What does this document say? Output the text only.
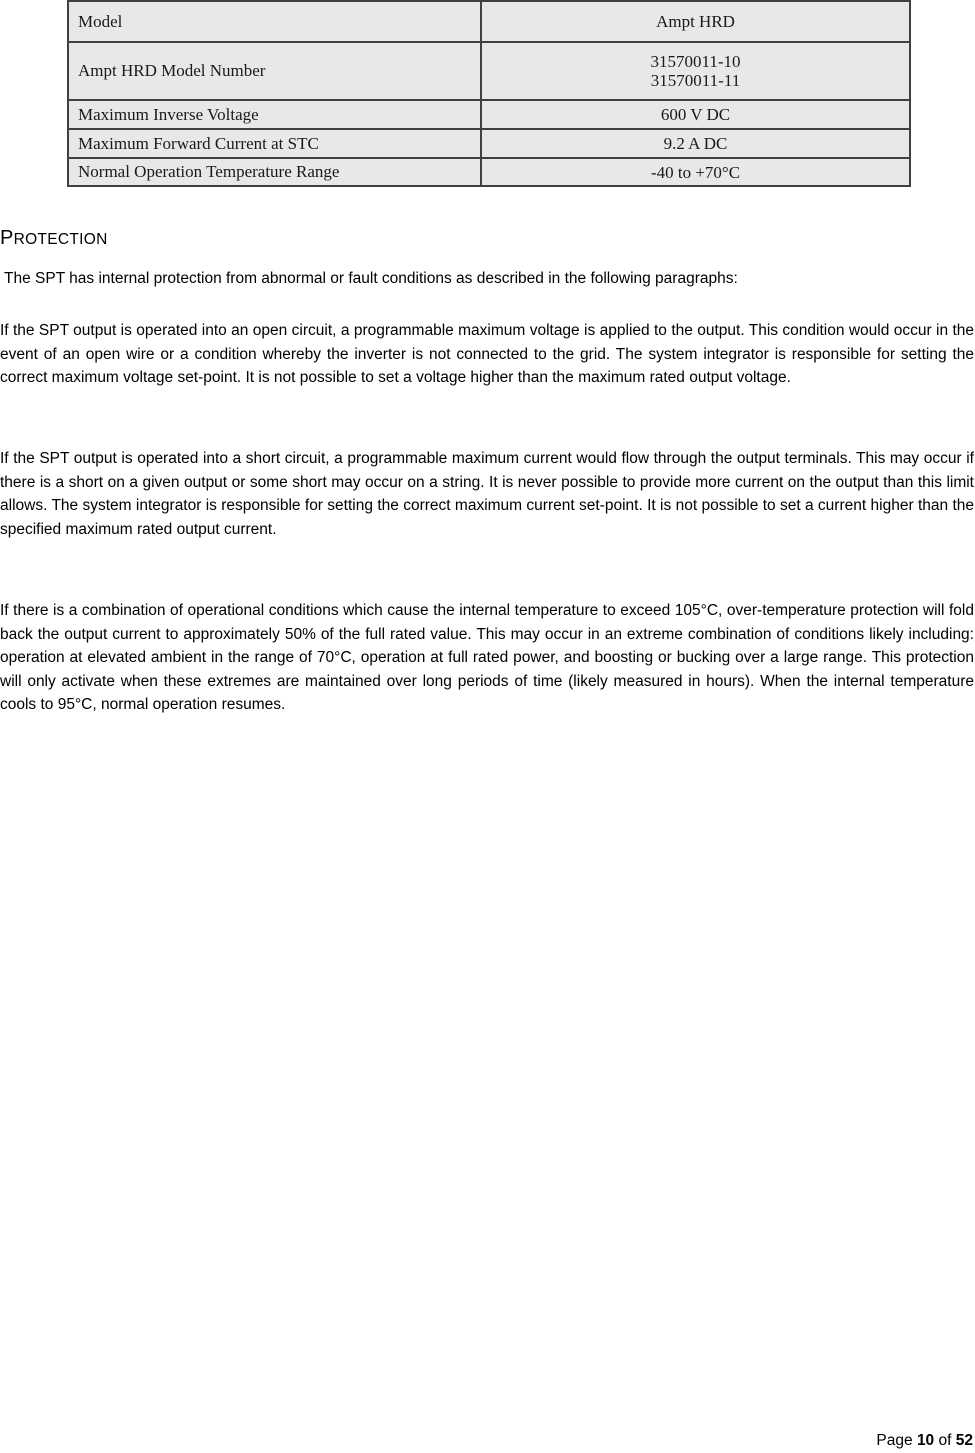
Model	Ampt HRD

Ampt HRD Model Number	31570011-10
31570011-11

Maximum Inverse Voltage	600 V DC

Maximum Forward Current at STC	9.2 A DC

Normal Operation Temperature Range	-40 to +70°C
PROTECTION

The SPT has internal protection from abnormal or fault conditions as described in the following paragraphs:

If the SPT output is operated into an open circuit, a programmable maximum voltage is applied to the output. This condition would occur in the event of an open wire or a condition whereby the inverter is not connected to the grid. The system integrator is responsible for setting the correct maximum voltage set-point. It is not possible to set a voltage higher than the maximum rated output voltage.

If the SPT output is operated into a short circuit, a programmable maximum current would flow through the output terminals. This may occur if there is a short on a given output or some short may occur on a string. It is never possible to provide more current on the output than this limit allows. The system integrator is responsible for setting the correct maximum current set-point. It is not possible to set a current higher than the specified maximum rated output current.

If there is a combination of operational conditions which cause the internal temperature to exceed 105°C, over-temperature protection will fold back the output current to approximately 50% of the full rated value. This may occur in an extreme combination of conditions likely including: operation at elevated ambient in the range of 70°C, operation at full rated power, and boosting or bucking over a large range. This protection will only activate when these extremes are maintained over long periods of time (likely measured in hours). When the internal temperature cools to 95°C, normal operation resumes.

Page 10 of 52
